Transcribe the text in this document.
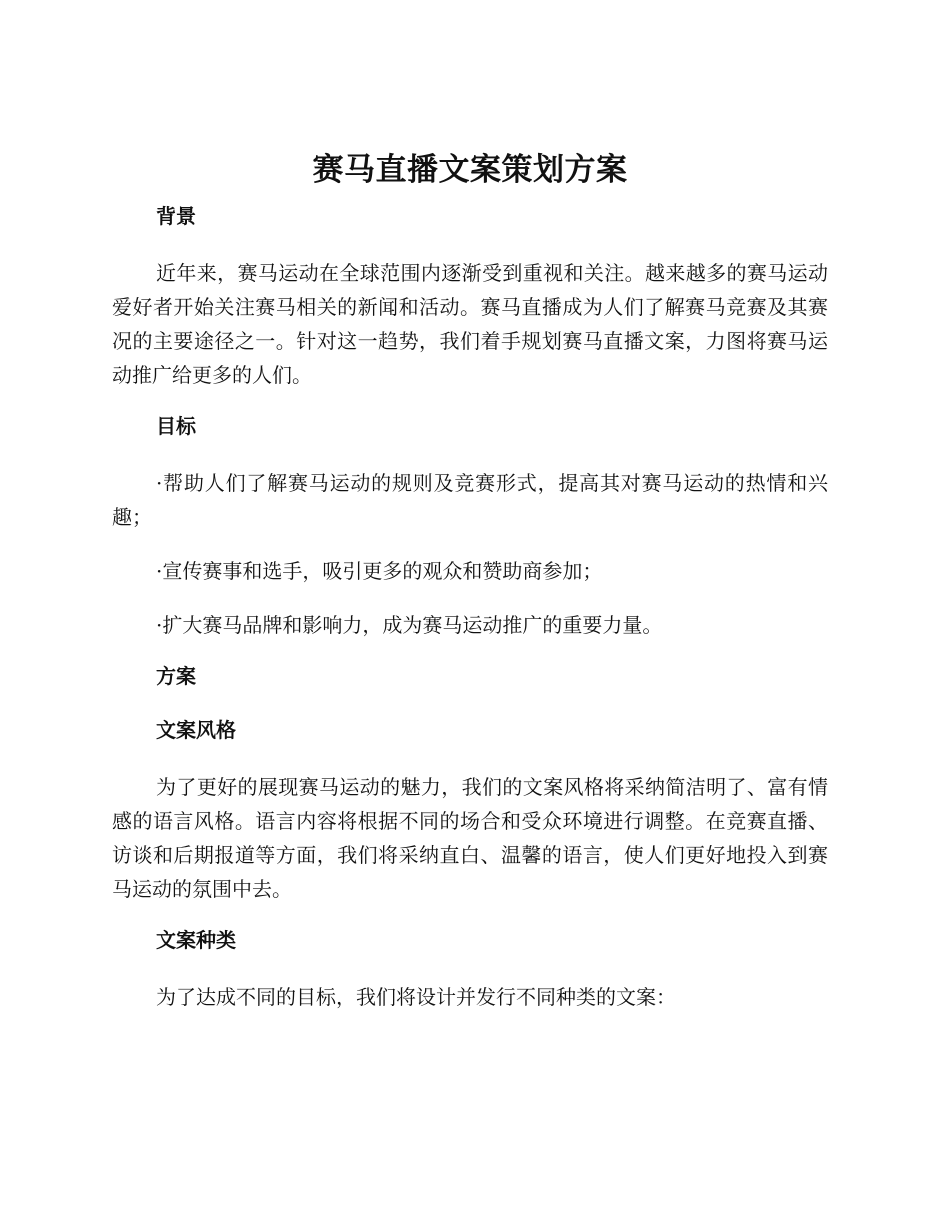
赛马直播文案策划方案
背景

近年来，赛马运动在全球范围内逐渐受到重视和关注。越来越多的赛马运动爱好者开始关注赛马相关的新闻和活动。赛马直播成为人们了解赛马竞赛及其赛况的主要途径之一。针对这一趋势，我们着手规划赛马直播文案，力图将赛马运动推广给更多的人们。

目标

·帮助人们了解赛马运动的规则及竞赛形式，提高其对赛马运动的热情和兴趣；

·宣传赛事和选手，吸引更多的观众和赞助商参加；

·扩大赛马品牌和影响力，成为赛马运动推广的重要力量。

方案
文案风格

为了更好的展现赛马运动的魅力，我们的文案风格将采纳简洁明了、富有情感的语言风格。语言内容将根据不同的场合和受众环境进行调整。在竞赛直播、访谈和后期报道等方面，我们将采纳直白、温馨的语言，使人们更好地投入到赛马运动的氛围中去。

文案种类

为了达成不同的目标，我们将设计并发行不同种类的文案：
